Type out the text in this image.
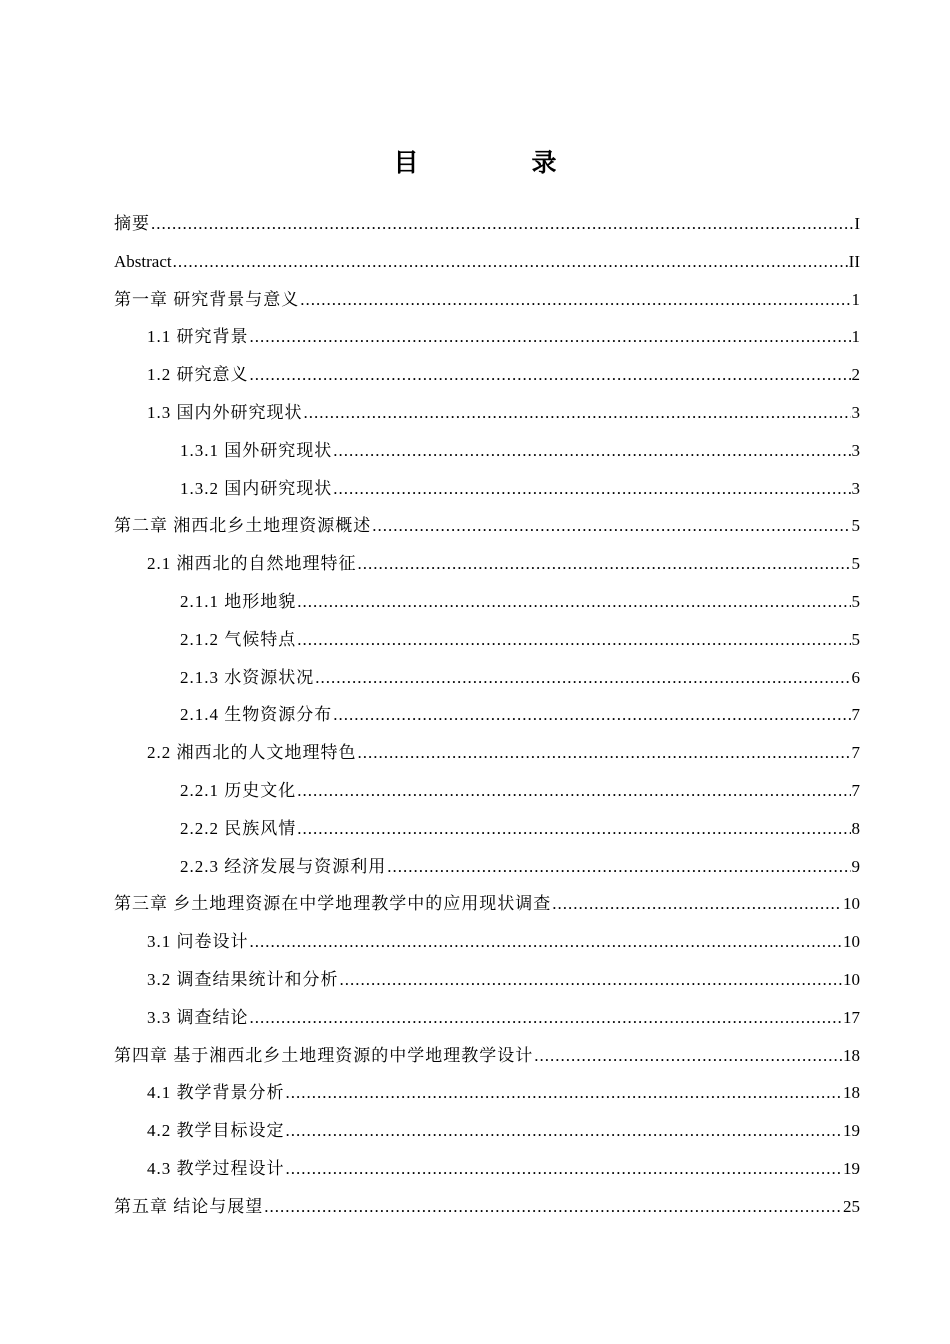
目　录
摘要 .....	I
Abstract .....	II
第一章 研究背景与意义 .....	1
1.1 研究背景 .....	1
1.2 研究意义 .....	2
1.3 国内外研究现状 .....	3
1.3.1 国外研究现状 .....	3
1.3.2 国内研究现状 .....	3
第二章 湘西北乡土地理资源概述 .....	5
2.1 湘西北的自然地理特征 .....	5
2.1.1 地形地貌 .....	5
2.1.2 气候特点 .....	5
2.1.3 水资源状况 .....	6
2.1.4 生物资源分布 .....	7
2.2 湘西北的人文地理特色 .....	7
2.2.1 历史文化 .....	7
2.2.2 民族风情 .....	8
2.2.3 经济发展与资源利用 .....	9
第三章 乡土地理资源在中学地理教学中的应用现状调查 .....	10
3.1 问卷设计 .....	10
3.2 调查结果统计和分析 .....	10
3.3 调查结论 .....	17
第四章 基于湘西北乡土地理资源的中学地理教学设计 .....	18
4.1 教学背景分析 .....	18
4.2 教学目标设定 .....	19
4.3 教学过程设计 .....	19
第五章 结论与展望 .....	25
